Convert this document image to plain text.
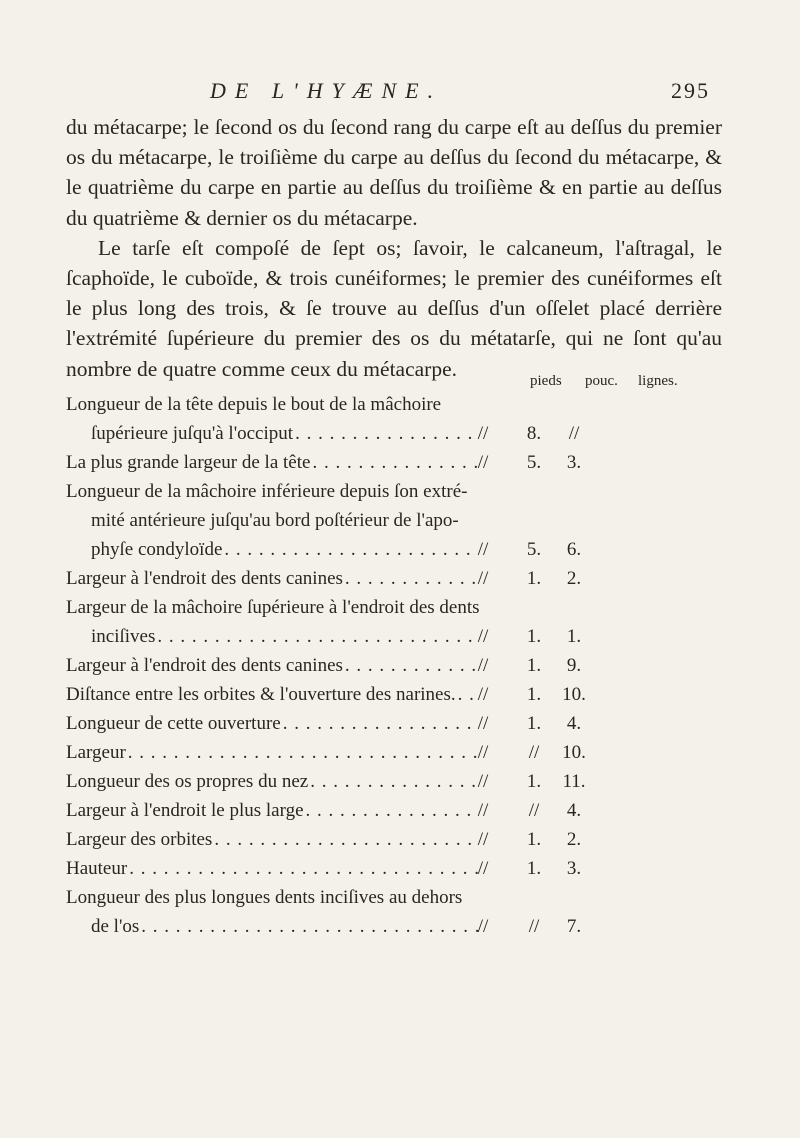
DE L'HYÆNE.	295

du métacarpe; le ſecond os du ſecond rang du carpe eſt au deſſus du premier os du métacarpe, le troiſième du carpe au deſſus du ſecond du métacarpe, & le quatrième du carpe en partie au deſſus du troiſième & en partie au deſſus du quatrième & dernier os du métacarpe.

Le tarſe eſt compoſé de ſept os; ſavoir, le calcaneum, l'aſtragal, le ſcaphoïde, le cuboïde, & trois cunéiformes; le premier des cunéiformes eſt le plus long des trois, & ſe trouve au deſſus d'un oſſelet placé derrière l'extrémité ſupérieure du premier des os du métatarſe, qui ne ſont qu'au nombre de quatre comme ceux du métacarpe.

pieds pouc. lignes.
Longueur de la tête depuis le bout de la mâchoire
ſupérieure juſqu'à l'occiput . . .	//	8.	//
La plus grande largeur de la tête . . .	//	5.	3.
Longueur de la mâchoire inférieure depuis ſon extré-
mité antérieure juſqu'au bord poſtérieur de l'apo-
phyſe condyloïde . . .	//	5.	6.
Largeur à l'endroit des dents canines . . .	//	1.	2.
Largeur de la mâchoire ſupérieure à l'endroit des dents
inciſives . . .	//	1.	1.
Largeur à l'endroit des dents canines . . .	//	1.	9.
Diſtance entre les orbites & l'ouverture des narines. . . .	//	1.	10.
Longueur de cette ouverture . . .	//	1.	4.
Largeur . . .	//	//	10.
Longueur des os propres du nez . . .	//	1.	11.
Largeur à l'endroit le plus large . . .	//	//	4.
Largeur des orbites . . .	//	1.	2.
Hauteur . . .	//	1.	3.
Longueur des plus longues dents inciſives au dehors
de l'os . . .	//	//	7.
